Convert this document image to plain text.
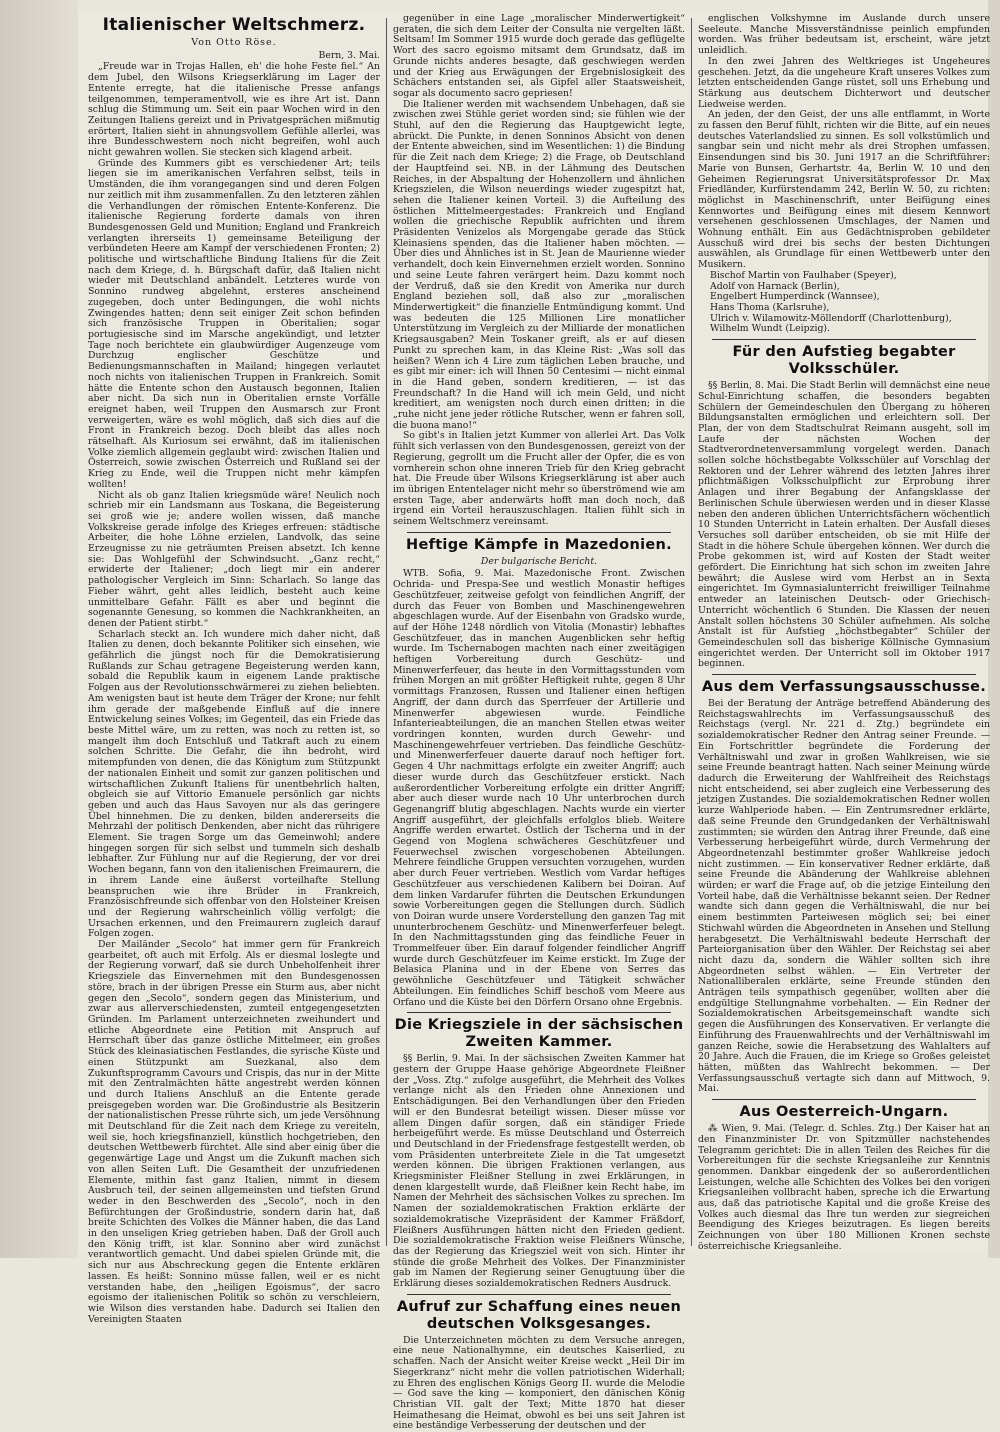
Italienischer Weltschmerz.
Von Otto Röse.
Bern, 3. Mai.

„Freude war in Trojas Hallen, eh' die hohe Feste fiel.“ An dem Jubel, den Wilsons Kriegserklärung im Lager der Entente erregte, hat die italienische Presse anfangs teilgenommen, temperamentvoll, wie es ihre Art ist. Dann schlug die Stimmung um. Seit ein paar Wochen wird in den Zeitungen Italiens gereizt und in Privatgesprächen mißmutig erörtert, Italien sieht in ahnungsvollem Gefühle allerlei, was ihre Bundesschwestern noch nicht begreifen, wohl auch nicht gewahren wollen. Sie stecken sich klagend arbeit.

Gründe des Kummers gibt es verschiedener Art; teils liegen sie im amerikanischen Verfahren selbst, teils in Umständen, die ihm vorangegangen sind und deren Folgen nur zeitlich mit ihm zusammenfallen. Zu den letzteren zählen die Verhandlungen der römischen Entente-Konferenz. Die italienische Regierung forderte damals von ihren Bundesgenossen Geld und Munition; England und Frankreich verlangten ihrerseits 1) gemeinsame Beteiligung der verbündeten Heere am Kampf der verschiedenen Fronten; 2) politische und wirtschaftliche Bindung Italiens für die Zeit nach dem Kriege, d. h. Bürgschaft dafür, daß Italien nicht wieder mit Deutschland anbändelt. Letzteres wurde von Sonnino rundweg abgelehnt, ersteres anscheinend zugegeben, doch unter Bedingungen, die wohl nichts Zwingendes hatten; denn seit einiger Zeit schon befinden sich französische Truppen in Oberitalien; sogar portugiesische sind im Marsche angekündigt, und letzter Tage noch berichtete ein glaubwürdiger Augenzeuge vom Durchzug englischer Geschütze und Bedienungsmannschaften in Mailand; hingegen verlautet noch nichts von italienischen Truppen in Frankreich. Somit hätte die Entente schon den Austausch begonnen, Italien aber nicht. Da sich nun in Oberitalien ernste Vorfälle ereignet haben, weil Truppen den Ausmarsch zur Front verweigerten, wäre es wohl möglich, daß sich dies auf die Front in Frankreich bezog. Doch bleibt das alles noch rätselhaft. Als Kuriosum sei erwähnt, daß im italienischen Volke ziemlich allgemein geglaubt wird: zwischen Italien und Österreich, sowie zwischen Österreich und Rußland sei der Krieg zu Ende, weil die Truppen nicht mehr kämpfen wollten!

Nicht als ob ganz Italien kriegsmüde wäre! Neulich noch schrieb mir ein Landsmann aus Toskana, die Begeisterung sei groß wie je; andere wollen wissen, daß manche Volkskreise gerade infolge des Krieges erfreuen: städtische Arbeiter, die hohe Löhne erzielen, Landvolk, das seine Erzeugnisse zu nie geträumten Preisen absetzt. Ich kenne sie: Das Wohlgefühl der Schwindsucht. „Ganz recht,“ erwiderte der Italiener; „doch liegt mir ein anderer pathologischer Vergleich im Sinn: Scharlach. So lange das Fieber währt, geht alles leidlich, besteht auch keine unmittelbare Gefahr. Fällt es aber und beginnt die sogenannte Genesung, so kommen die Nachkrankheiten, an denen der Patient stirbt.“

Scharlach steckt an. Ich wundere mich daher nicht, daß Italien zu denen, doch bekannte Politiker sich einsehen, wie gefährlich die jüngst noch für die Demokratisierung Rußlands zur Schau getragene Begeisterung werden kann, sobald die Republik kaum in eigenem Lande praktische Folgen aus der Revolutionsschwärmerei zu ziehen beliebten. Am wenigsten baut ist heute dem Träger der Krone; nur fehlt ihm gerade der maßgebende Einfluß auf die innere Entwickelung seines Volkes; im Gegenteil, das ein Friede das beste Mittel wäre, um zu retten, was noch zu retten ist, so mangelt ihm doch Entschluß und Tatkraft auch zu einem solchen Schritte. Die Gefahr, die ihn bedroht, wird mitempfunden von denen, die das Königtum zum Stützpunkt der nationalen Einheit und somit zur ganzen politischen und wirtschaftlichen Zukunft Italiens für unentbehrlich halten, obgleich sie auf Vittorio Emanuele persönlich gar nichts geben und auch das Haus Savoyen nur als das geringere Übel hinnehmen. Die zu denken, bilden andererseits die Mehrzahl der politisch Denkenden, aber nicht das rührigere Element. Sie tragen Sorge um das Gemeinwohl; andere hingegen sorgen für sich selbst und tummeln sich deshalb lebhafter. Zur Fühlung nur auf die Regierung, der vor drei Wochen begann, fann von den italienischen Freimaurern, die in ihrem Lande eine äußerst vorteilhafte Stellung beanspruchen wie ihre Brüder in Frankreich, Französischfreunde sich offenbar von den Holsteiner Kreisen und der Regierung wahrscheinlich völlig verfolgt; die Ursachen erkennen, und den Freimaurern zugleich darauf Folgen zogen.

Der Mailänder „Secolo“ hat immer gern für Frankreich gearbeitet, oft auch mit Erfolg. Als er diesmal loslegte und der Regierung vorwarf, daß sie durch Unbeholfenheit ihrer Kriegsziele das Einvernehmen mit den Bundesgenossen störe, brach in der übrigen Presse ein Sturm aus, aber nicht gegen den „Secolo“, sondern gegen das Ministerium, und zwar aus allerverschiedensten, zumteil entgegengesetzten Gründen. Im Parlament unterzeichneten zweihundert und etliche Abgeordnete eine Petition mit Anspruch auf Herrschaft über das ganze östliche Mittelmeer, ein großes Stück des kleinasiatischen Festlandes, die syrische Küste und einen Stützpunkt am Suezkanal, also dem Zukunftsprogramm Cavours und Crispis, das nur in der Mitte mit den Zentralmächten hätte angestrebt werden können und durch Italiens Anschluß an die Entente gerade preisgegeben worden war. Die Großindustrie als Besitzerin der nationalistischen Presse rührte sich, um jede Versöhnung mit Deutschland für die Zeit nach dem Kriege zu vereiteln, weil sie, hoch kriegsfinanziell, künstlich hochgetrieben, den deutschen Wettbewerb fürchtet. Alle sind aber einig über die gegenwärtige Lage und Angst um die Zukunft machen sich von allen Seiten Luft. Die Gesamtheit der unzufriedenen Elemente, mithin fast ganz Italien, nimmt in diesem Ausbruch teil, der seinen allgemeinsten und tiefsten Grund weder in den Beschwerden des „Secolo“, noch in den Befürchtungen der Großindustrie, sondern darin hat, daß breite Schichten des Volkes die Männer haben, die das Land in den unseligen Krieg getrieben haben. Daß der Groll auch den König trifft, ist klar. Sonnino aber wird zunächst verantwortlich gemacht. Und dabei spielen Gründe mit, die sich nur aus Abschreckung gegen die Entente erklären lassen. Es heißt: Sonnino müsse fallen, weil er es nicht verstanden habe, den „heiligen Egoismus“, der sacro egoismo der italienischen Politik so schön zu verschleiern, wie Wilson dies verstanden habe. Dadurch sei Italien den Vereinigten Staaten

gegenüber in eine Lage „moralischer Minderwertigkeit“ geraten, die sich dem Leiter der Consulta nie vergelten läßt. Seltsam! Im Sommer 1915 wurde doch gerade das geflügelte Wort des sacro egoismo mitsamt dem Grundsatz, daß im Grunde nichts anderes besagte, daß geschwiegen werden und der Krieg aus Erwägungen der Ergebnislosigkeit des Schächers entstanden sei, als Gipfel aller Staatsweisheit, sogar als documento sacro gepriesen!

Die Italiener werden mit wachsendem Unbehagen, daß sie zwischen zwei Stühle geriet worden sind; sie fühlen wie der Stuhl, auf den die Regierung das Hauptgewicht legte, abrückt. Die Punkte, in denen Sonninos Absicht von denen der Entente abweichen, sind im Wesentlichen: 1) die Bindung für die Zeit nach dem Kriege; 2) die Frage, ob Deutschland der Hauptfeind sei. NB. in der Lähmung des Deutschen Reiches, in der Abspaltung der Hohenzollern und ähnlichen Kriegszielen, die Wilson neuerdings wieder zugespitzt hat, sehen die Italiener keinen Vorteil. 3) die Aufteilung des östlichen Mittelmeergestades: Frankreich und England wollen die griechische Republik aufrichten und ihrem Präsidenten Venizelos als Morgengabe gerade das Stück Kleinasiens spenden, das die Italiener haben möchten. — Über dies und Ähnliches ist in St. Jean de Maurienne wieder verhandelt, doch kein Einvernehmen erzielt worden. Sonnino und seine Leute fahren verärgert heim. Dazu kommt noch der Verdruß, daß sie den Kredit von Amerika nur durch England beziehen soll, daß also zur „moralischen Minderwertigkeit“ die finanzielle Entmündigung kommt. Und was bedeuten die 125 Millionen Lire monatlicher Unterstützung im Vergleich zu der Milliarde der monatlichen Kriegsausgaben? Mein Toskaner greift, als er auf diesen Punkt zu sprechen kam, in das Kleine Rist: „Was soll das heißen? Wenn ich 4 Lire zum täglichen Leben brauche, und es gibt mir einer: ich will Ihnen 50 Centesimi — nicht einmal in die Hand geben, sondern kreditieren, — ist das Freundschaft? In die Hand will ich mein Geld, und nicht kreditiert, am wenigsten noch durch einen dritten; in die „ruhe nicht jene jeder rötliche Rutscher, wenn er fahren soll, die buona mano!“

So gibt's in Italien jetzt Kummer von allerlei Art. Das Volk fühlt sich verlassen von den Bundesgenossen, gereizt von der Regierung, gegrollt um die Frucht aller der Opfer, die es von vornherein schon ohne inneren Trieb für den Krieg gebracht hat. Die Freude über Wilsons Kriegserklärung ist aber auch im übrigen Ententelager nicht mehr so überströmend wie am ersten Tage, aber anderwärts hofft man doch noch, daß irgend ein Vorteil herauszuschlagen. Italien fühlt sich in seinem Weltschmerz vereinsamt.

Heftige Kämpfe in Mazedonien.
Der bulgarische Bericht.

WTB. Sofia, 9. Mai. Mazedonische Front. Zwischen Ochrida- und Prespa-See und westlich Monastir heftiges Geschützfeuer, zeitweise gefolgt von feindlichen Angriff, der durch das Feuer von Bomben und Maschinengewehren abgeschlagen wurde. Auf der Eisenbahn von Gradsko wurde, auf der Höhe 1248 nördlich von Vitolia (Monastir) lebhaftes Geschützfeuer, das in manchen Augenblicken sehr heftig wurde. Im Tschernabogen machten nach einer zweitägigen heftigen Vorbereitung durch Geschütz- und Minenwerferfeuer, das heute in den Vormittagsstunden vom frühen Morgen an mit größter Heftigkeit ruhte, gegen 8 Uhr vormittags Franzosen, Russen und Italiener einen heftigen Angriff, der dann durch das Sperrfeuer der Artillerie und Minenwerfer abgewiesen wurde. Feindliche Infanterieabteilungen, die an manchen Stellen etwas weiter vordringen konnten, wurden durch Gewehr- und Maschinengewehrfeuer vertrieben. Das feindliche Geschütz- und Minenwerferfeuer dauerte darauf noch heftiger fort. Gegen 4 Uhr nachmittags erfolgte ein zweiter Angriff; auch dieser wurde durch das Geschützfeuer erstickt. Nach außerordentlicher Vorbereitung erfolgte ein dritter Angriff; aber auch dieser wurde nach 10 Uhr unterbrochen durch Gegenangriff blutig abgeschlagen. Nachts wurde ein vierter Angriff ausgeführt, der gleichfalls erfolglos blieb. Weitere Angriffe werden erwartet. Östlich der Tscherna und in der Gegend von Moglena schwächeres Geschützfeuer und Feuerwechsel zwischen vorgeschobenen Abteilungen. Mehrere feindliche Gruppen versuchten vorzugehen, wurden aber durch Feuer vertrieben. Westlich vom Vardar heftiges Geschützfeuer aus verschiedenen Kalibern bei Doiran. Auf dem linken Vardarufer führten die Deutschen Erkundungen sowie Vorbereitungen gegen die Stellungen durch. Südlich von Doiran wurde unsere Vorderstellung den ganzen Tag mit ununterbrochenem Geschütz- und Minenwerferfeuer belegt. In den Nachmittagsstunden ging das feindliche Feuer in Trommelfeuer über. Ein darauf folgender feindlicher Angriff wurde durch Geschützfeuer im Keime erstickt. Im Zuge der Belasica Planina und in der Ebene von Serres das gewöhnliche Geschützfeuer und Tätigkeit schwächer Abteilungen. Ein feindliches Schiff beschoß vom Meere aus Orfano und die Küste bei den Dörfern Orsano ohne Ergebnis.

Die Kriegsziele in der sächsischen
Zweiten Kammer.

§§ Berlin, 9. Mai. In der sächsischen Zweiten Kammer hat gestern der Gruppe Haase gehörige Abgeordnete Fleißner der „Voss. Ztg.“ zufolge ausgeführt, die Mehrheit des Volkes verlange nicht als den Frieden ohne Annexionen und Entschädigungen. Bei den Verhandlungen über den Frieden will er den Bundesrat beteiligt wissen. Dieser müsse vor allem Dingen dafür sorgen, daß ein ständiger Friede herbeigeführt werde. Es müsse Deutschland und Österreich und Deutschland in der Friedensfrage festgestellt werden, ob vom Präsidenten unterbreitete Ziele in die Tat umgesetzt werden können. Die übrigen Fraktionen verlangen, aus Kriegsminister Fleißner Stellung in zwei Erklärungen, in denen klargestellt wurde, daß Fleißner kein Recht habe, im Namen der Mehrheit des sächsischen Volkes zu sprechen. Im Namen der sozialdemokratischen Fraktion erklärte der sozialdemokratische Vizepräsident der Kammer Fräßdorf, Fleißners Ausführungen hätten nicht den Frieden gedient. Die sozialdemokratische Fraktion weise Fleißners Wünsche, das der Regierung das Kriegsziel weit von sich. Hinter ihr stünde die große Mehrheit des Volkes. Der Finanzminister gab im Namen der Regierung seiner Genugtuung über die Erklärung dieses sozialdemokratischen Redners Ausdruck.

Aufruf zur Schaffung eines neuen
deutschen Volksgesanges.

Die Unterzeichneten möchten zu dem Versuche anregen, eine neue Nationalhymne, ein deutsches Kaiserlied, zu schaffen. Nach der Ansicht weiter Kreise weckt „Heil Dir im Siegerkranz“ nicht mehr die vollen patriotischen Widerhall; zu Ehren des englischen Königs Georg II. wurde die Melodie — God save the king — komponiert, den dänischen König Christian VII. galt der Text; Mitte 1870 hat dieser Heimathesang die Heimat, obwohl es bei uns seit Jahren ist eine beständige Verbesserung der deutschen und der

englischen Volkshymne im Auslande durch unsere Seeleute. Manche Missverständnisse peinlich empfunden worden. Was früher bedeutsam ist, erscheint, wäre jetzt unleidlich.

In den zwei Jahren des Weltkrieges ist Ungeheures geschehen. Jetzt, da die ungeheure Kraft unseres Volkes zum letzten entscheidenden Gange rüstet, soll uns Erhebung und Stärkung aus deutschem Dichterwort und deutscher Liedweise werden.

An jeden, der den Geist, der uns alle entflammt, in Worte zu fassen den Beruf fühlt, richten wir die Bitte, auf ein neues deutsches Vaterlandslied zu sinnen. Es soll volkstümlich und sangbar sein und nicht mehr als drei Strophen umfassen. Einsendungen sind bis 30. Juni 1917 an die Schriftführer: Marie von Bunsen, Gerhartstr. 4a, Berlin W. 10 und den Geheimen Regierungsrat Universitätsprofessor Dr. Max Friedländer, Kurfürstendamm 242, Berlin W. 50, zu richten: möglichst in Maschinenschrift, unter Beifügung eines Kennwortes und Beifügung eines mit diesem Kennwort versehenen geschlossenen Umschlages, der Namen und Wohnung enthält. Ein aus Gedächtnisproben gebildeter Ausschuß wird drei bis sechs der besten Dichtungen auswählen, als Grundlage für einen Wettbewerb unter den Musikern.

Bischof Martin von Faulhaber (Speyer),

Adolf von Harnack (Berlin),

Engelbert Humperdinck (Wannsee),

Hans Thoma (Karlsruhe),

Ulrich v. Wilamowitz-Möllendorff (Charlottenburg),

Wilhelm Wundt (Leipzig).

Für den Aufstieg begabter Volksschüler.

§§ Berlin, 8. Mai. Die Stadt Berlin will demnächst eine neue Schul-Einrichtung schaffen, die besonders begabten Schülern der Gemeindeschulen den Übergang zu höheren Bildungsanstalten ermöglichen und erleichtern soll. Der Plan, der von dem Stadtschulrat Reimann ausgeht, soll im Laufe der nächsten Wochen der Stadtverordnetenversammlung vorgelegt werden. Danach sollen solche höchstbegabte Volksschüler auf Vorschlag der Rektoren und der Lehrer während des letzten Jahres ihrer pflichtmäßigen Volksschulpflicht zur Erprobung ihrer Anlagen und ihrer Begabung der Anfangsklasse der Berlinischen Schule überwiesen werden und in dieser Klasse neben den anderen üblichen Unterrichtsfächern wöchentlich 10 Stunden Unterricht in Latein erhalten. Der Ausfall dieses Versuches soll darüber entscheiden, ob sie mit Hilfe der Stadt in die höhere Schule übergehen können. Wer durch die Probe gekommen ist, wird auf Kosten der Stadt weiter gefördert. Die Einrichtung hat sich schon im zweiten Jahre bewährt; die Auslese wird vom Herbst an in Sexta eingerichtet. Im Gymnasialunterricht freiwilliger Teilnahme entweder an lateinischen Deutsch- oder Griechisch-Unterricht wöchentlich 6 Stunden. Die Klassen der neuen Anstalt sollen höchstens 30 Schüler aufnehmen. Als solche Anstalt ist für Aufstieg „höchstbegabter“ Schüler der Gemeindeschulen soll das bisherige Köllnische Gymnasium eingerichtet werden. Der Unterricht soll im Oktober 1917 beginnen.

Aus dem Verfassungsausschusse.

Bei der Beratung der Anträge betreffend Abänderung des Reichstagswahlrechts im Verfassungsausschuß des Reichstags (vergl. Nr. 221 d. Ztg.) begründete ein sozialdemokratischer Redner den Antrag seiner Freunde. — Ein Fortschrittler begründete die Forderung der Verhältniswahl und zwar in großen Wahlkreisen, wie sie seine Freunde beantragt hatten. Nach seiner Meinung würde dadurch die Erweiterung der Wahlfreiheit des Reichstags nicht entscheidend, sei aber zugleich eine Verbesserung des jetzigen Zustandes. Die sozialdemokratischen Redner wollen kurze Wahlperiode haben. — Ein Zentrumsredner erklärte, daß seine Freunde den Grundgedanken der Verhältniswahl zustimmten; sie würden den Antrag ihrer Freunde, daß eine Verbesserung herbeigeführt würde, durch Vermehrung der Abgeordnetenzahl bestimmter großer Wahlkreise jedoch nicht zustimmen. — Ein konservativer Redner erklärte, daß seine Freunde die Abänderung der Wahlkreise ablehnen würden; er warf die Frage auf, ob die jetzige Einteilung den Vorteil habe, daß die Verhältnisse bekannt seien. Der Redner wandte sich dann gegen die Verhältniswahl, die nur bei einem bestimmten Parteiwesen möglich sei; bei einer Stichwahl würden die Abgeordneten in Ansehen und Stellung herabgesetzt. Die Verhältniswahl bedeute Herrschaft der Parteiorganisation über den Wähler. Der Reichstag sei aber nicht dazu da, sondern die Wähler sollten sich ihre Abgeordneten selbst wählen. — Ein Vertreter der Nationalliberalen erklärte, seine Freunde stünden den Anträgen teils sympathisch gegenüber, wollten aber die endgültige Stellungnahme vorbehalten. — Ein Redner der Sozialdemokratischen Arbeitsgemeinschaft wandte sich gegen die Ausführungen des Konservativen. Er verlangte die Einführung des Frauenwahlrechts und der Verhältniswahl im ganzen Reiche, sowie die Herabsetzung des Wahlalters auf 20 Jahre. Auch die Frauen, die im Kriege so Großes geleistet hätten, müßten das Wahlrecht bekommen. — Der Verfassungsausschuß vertagte sich dann auf Mittwoch, 9. Mai.

Aus Oesterreich-Ungarn.

⁂ Wien, 9. Mai. (Telegr. d. Schles. Ztg.) Der Kaiser hat an den Finanzminister Dr. von Spitzmüller nachstehendes Telegramm gerichtet: Die in allen Teilen des Reiches für die Vorbereitungen für die sechste Kriegsanleihe zur Kenntnis genommen. Dankbar eingedenk der so außerordentlichen Leistungen, welche alle Schichten des Volkes bei den vorigen Kriegsanleihen vollbracht haben, spreche ich die Erwartung aus, daß das patriotische Kapital und die große Kreise des Volkes auch diesmal das Ihre tun werden zur siegreichen Beendigung des Krieges beizutragen. Es liegen bereits Zeichnungen von über 180 Millionen Kronen sechste österreichische Kriegsanleihe.
